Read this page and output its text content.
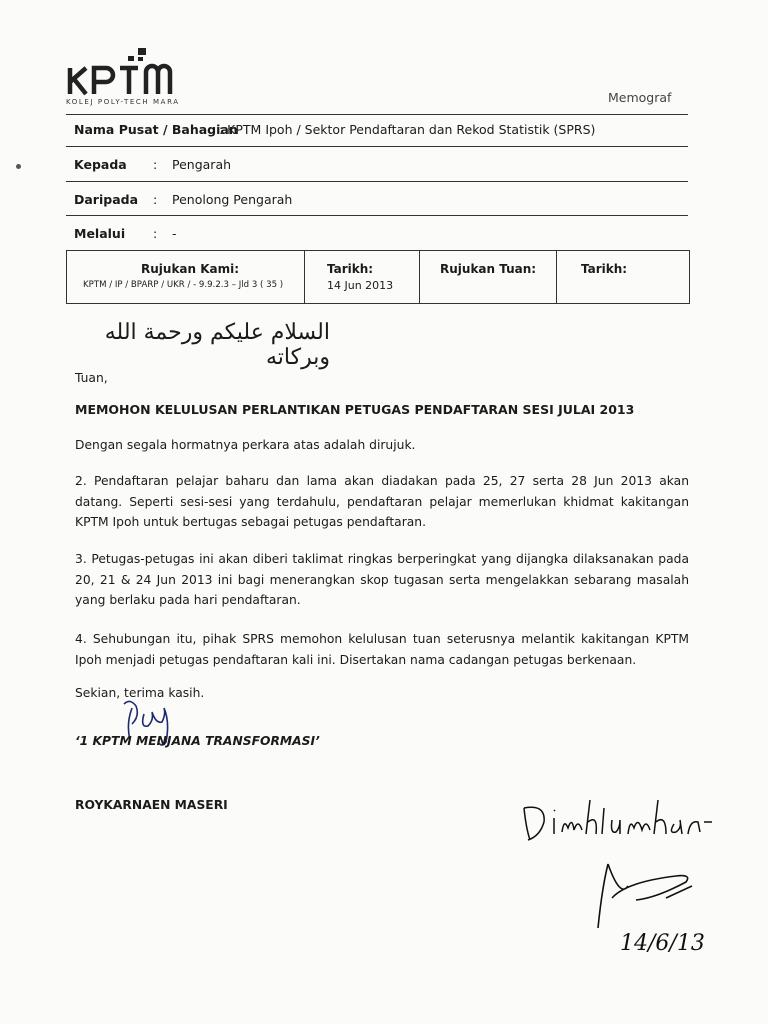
KOLEJ POLY-TECH MARA	Memograf
Nama Pusat / Bahagian
: KPTM Ipoh / Sektor Pendaftaran dan Rekod Statistik (SPRS)
Kepada : Pengarah
Daripada : Penolong Pengarah
Melalui : -
Rujukan Kami:
KPTM / IP / BPARP / UKR / - 9.9.2.3 – Jld 3 ( 35 )
Tarikh:
14 Jun 2013
Rujukan Tuan:	Tarikh:
السلام عليكم ورحمة الله وبركاته
Tuan,
MEMOHON KELULUSAN PERLANTIKAN PETUGAS PENDAFTARAN SESI JULAI 2013
Dengan segala hormatnya perkara atas adalah dirujuk.
2. Pendaftaran pelajar baharu dan lama akan diadakan pada 25, 27 serta 28 Jun 2013 akan datang. Seperti sesi-sesi yang terdahulu, pendaftaran pelajar memerlukan khidmat kakitangan KPTM Ipoh untuk bertugas sebagai petugas pendaftaran.
3. Petugas-petugas ini akan diberi taklimat ringkas berperingkat yang dijangka dilaksanakan pada 20, 21 & 24 Jun 2013 ini bagi menerangkan skop tugasan serta mengelakkan sebarang masalah yang berlaku pada hari pendaftaran.
4. Sehubungan itu, pihak SPRS memohon kelulusan tuan seterusnya melantik kakitangan KPTM Ipoh menjadi petugas pendaftaran kali ini. Disertakan nama cadangan petugas berkenaan.
Sekian, terima kasih.
‘1 KPTM MENJANA TRANSFORMASI’
ROYKARNAEN MASERI
14/6/13
